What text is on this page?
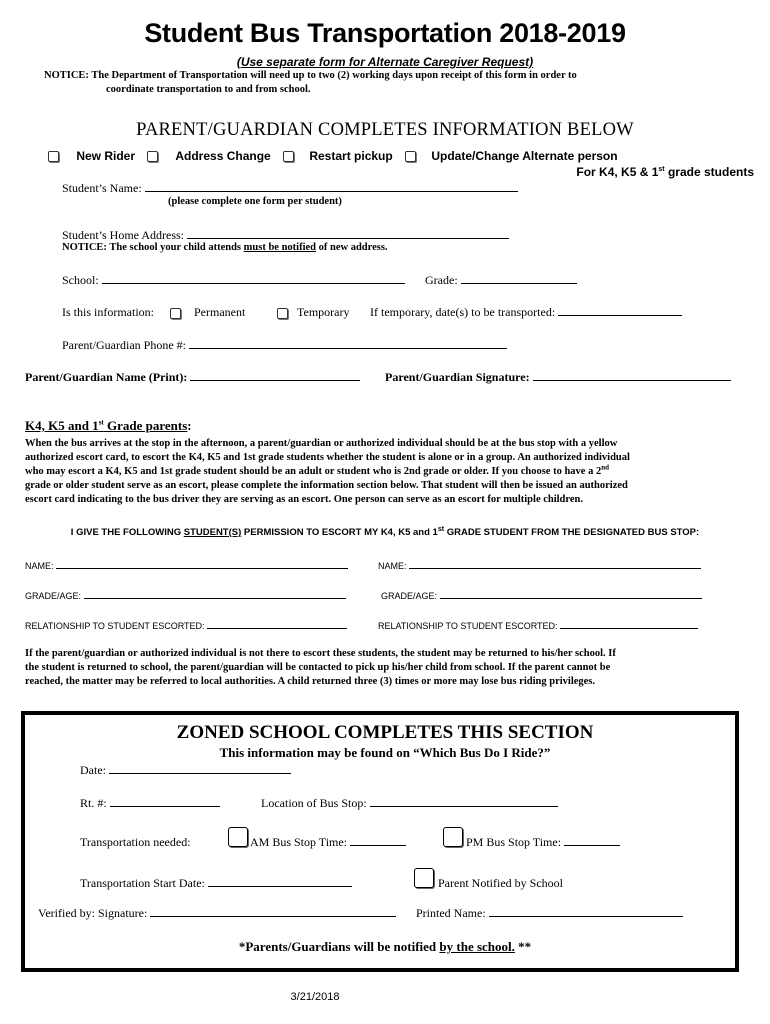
Student Bus Transportation 2018-2019
(Use separate form for Alternate Caregiver Request)
NOTICE: The Department of Transportation will need up to two (2) working days upon receipt of this form in order to
coordinate transportation to and from school.
PARENT/GUARDIAN COMPLETES INFORMATION BELOW
New Rider	Address Change	Restart pickup	Update/Change Alternate person
For K4, K5 & 1st grade students
Student’s Name:
(please complete one form per student)
Student’s Home Address:
NOTICE: The school your child attends must be notified of new address.
School:	Grade:
Is this information:	Permanent	Temporary If temporary, date(s) to be transported:
Parent/Guardian Phone #:
Parent/Guardian Name (Print):	Parent/Guardian Signature:
K4, K5 and 1st Grade parents:
When the bus arrives at the stop in the afternoon, a parent/guardian or authorized individual should be at the bus stop with a yellow
authorized escort card, to escort the K4, K5 and 1st grade students whether the student is alone or in a group. An authorized individual
who may escort a K4, K5 and 1st grade student should be an adult or student who is 2nd grade or older. If you choose to have a 2nd
grade or older student serve as an escort, please complete the information section below. That student will then be issued an authorized
escort card indicating to the bus driver they are serving as an escort. One person can serve as an escort for multiple children.
I GIVE THE FOLLOWING STUDENT(S) PERMISSION TO ESCORT MY K4, K5 and 1st GRADE STUDENT FROM THE DESIGNATED BUS STOP:
NAME:	NAME:
GRADE/AGE:	GRADE/AGE:
RELATIONSHIP TO STUDENT ESCORTED:	RELATIONSHIP TO STUDENT ESCORTED:
If the parent/guardian or authorized individual is not there to escort these students, the student may be returned to his/her school. If
the student is returned to school, the parent/guardian will be contacted to pick up his/her child from school. If the parent cannot be
reached, the matter may be referred to local authorities. A child returned three (3) times or more may lose bus riding privileges.
ZONED SCHOOL COMPLETES THIS SECTION
This information may be found on “Which Bus Do I Ride?”
Date:
Rt. #:	Location of Bus Stop:
Transportation needed:	AM Bus Stop Time:	PM Bus Stop Time:
Transportation Start Date:	Parent Notified by School
Verified by: Signature:	Printed Name:
*Parents/Guardians will be notified by the school. **
3/21/2018
